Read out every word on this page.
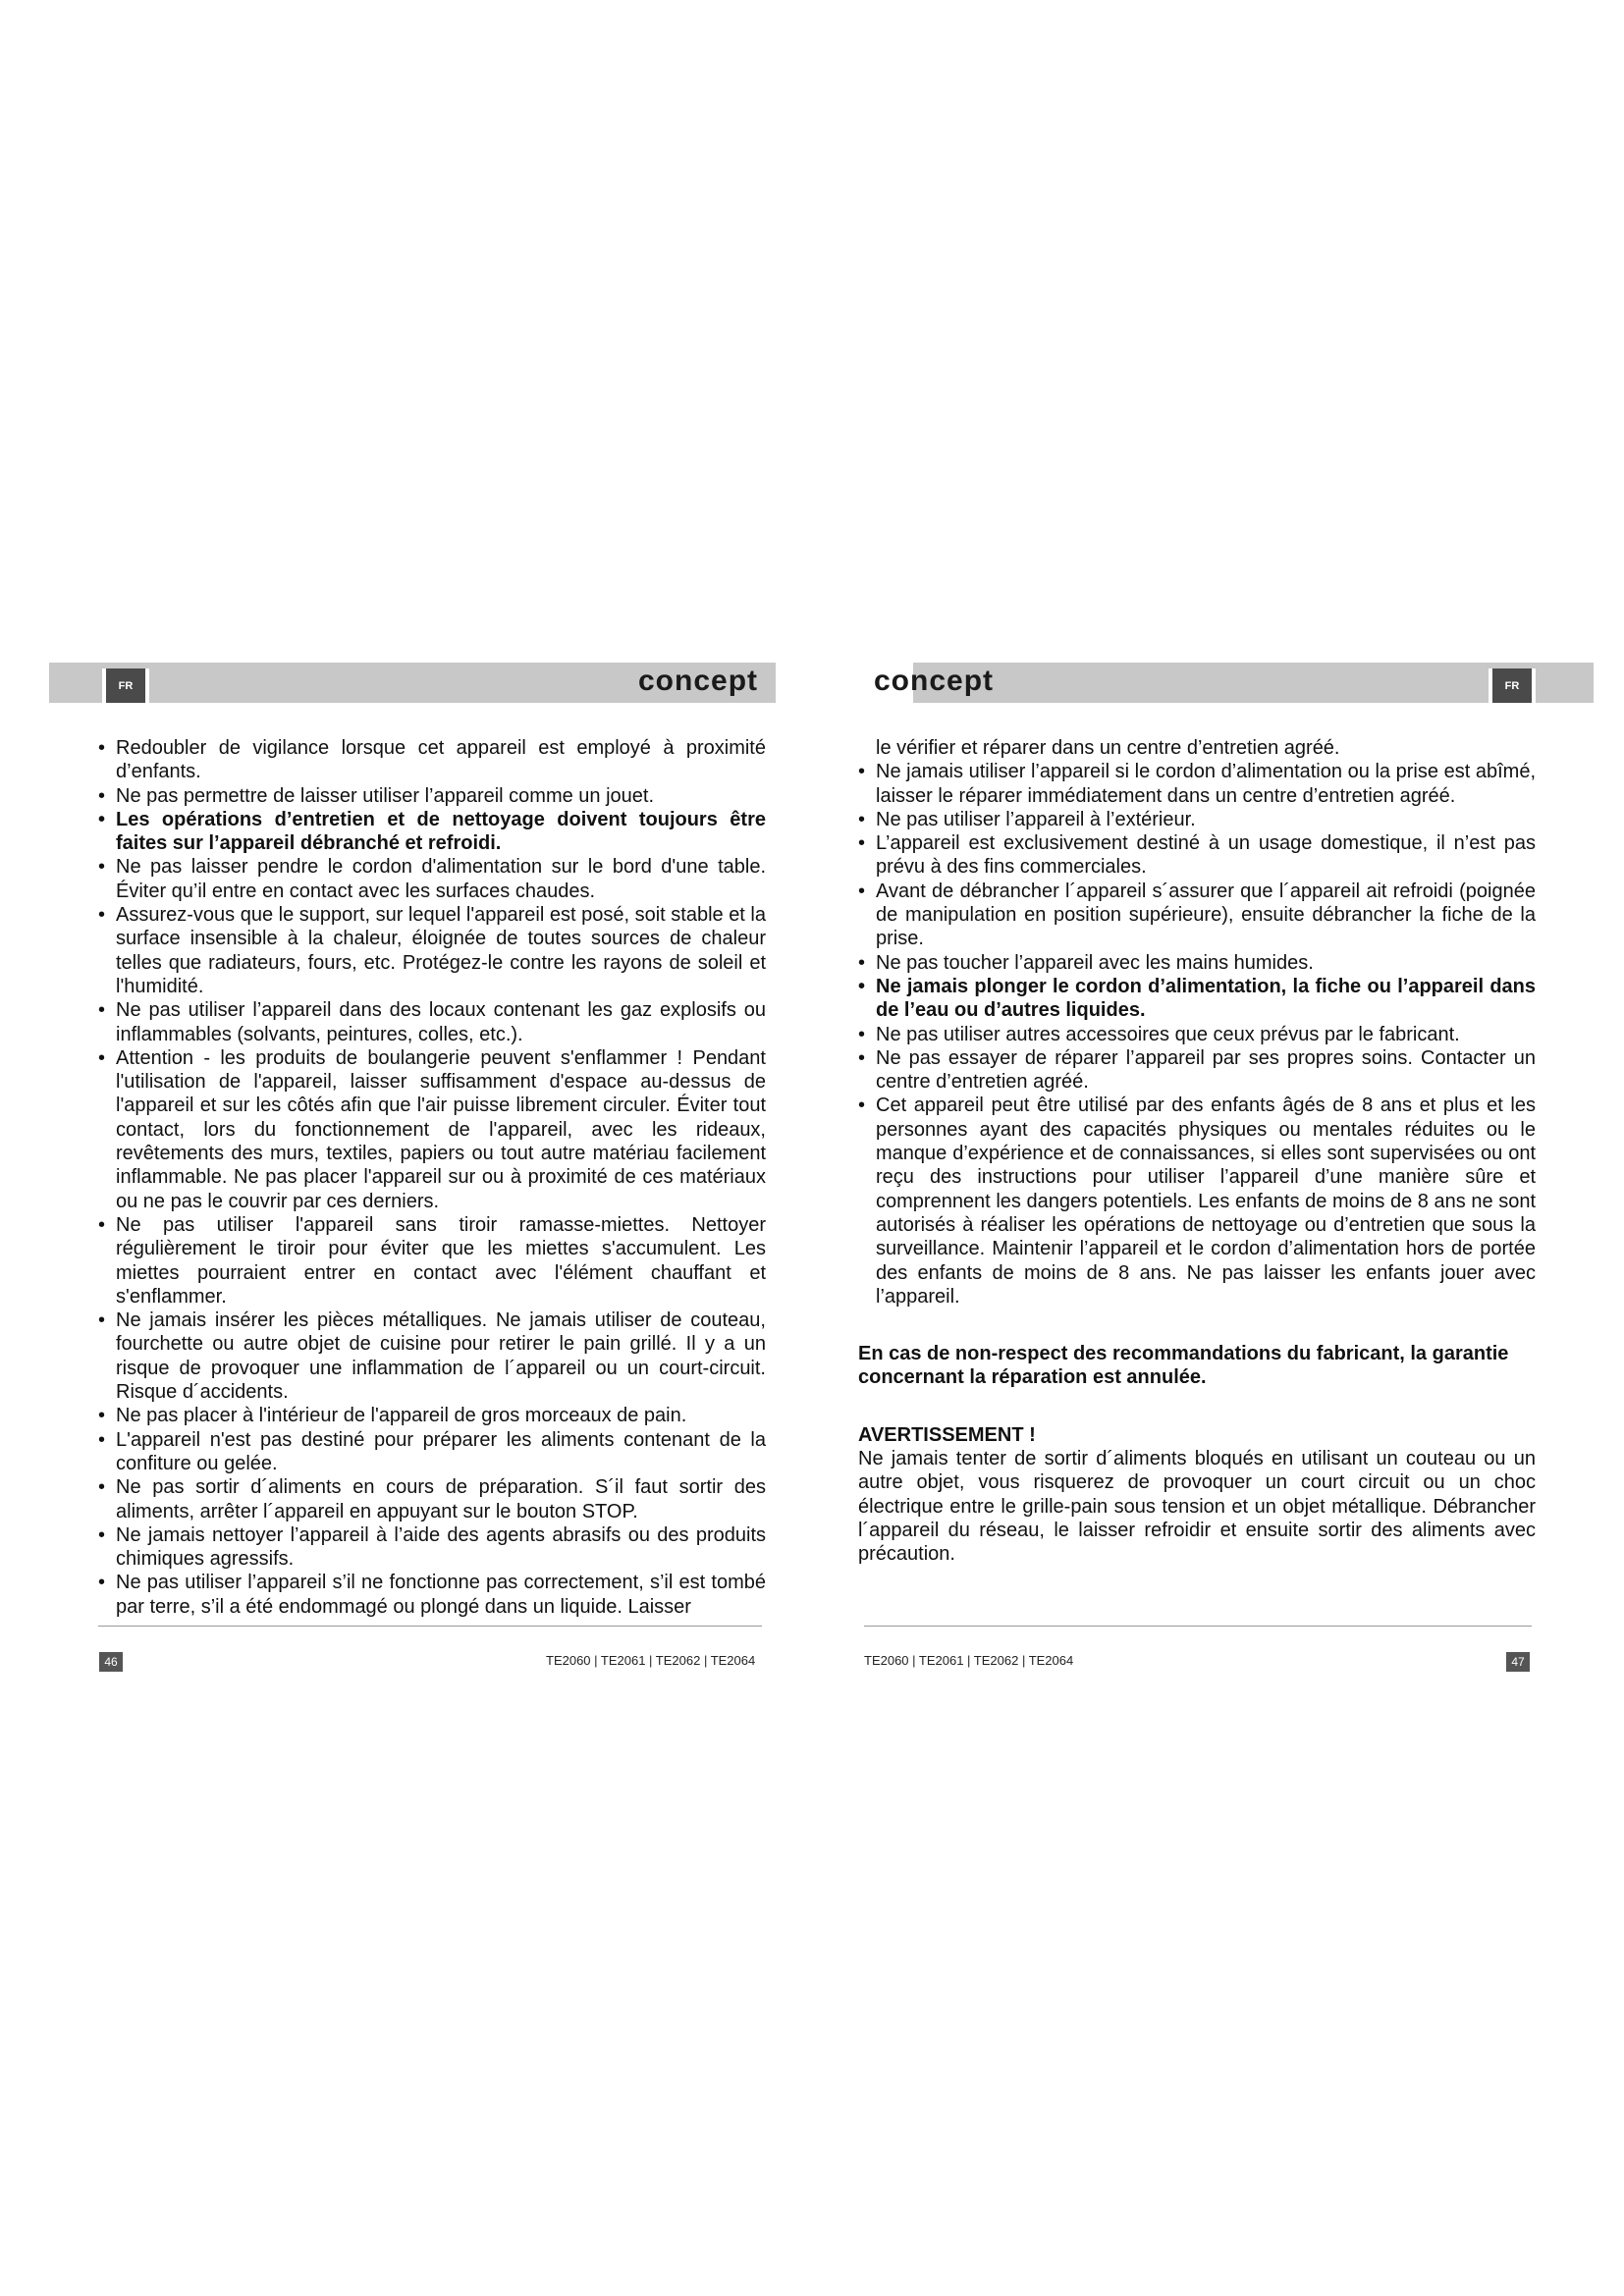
FR	concept	concept	FR
• Redoubler de vigilance lorsque cet appareil est employé à proximité d’enfants.
• Ne pas permettre de laisser utiliser l’appareil comme un jouet.
• Les opérations d’entretien et de nettoyage doivent toujours être faites sur l’appareil débranché et refroidi.
• Ne pas laisser pendre le cordon d'alimentation sur le bord d'une table. Éviter qu’il entre en contact avec les surfaces chaudes.
• Assurez-vous que le support, sur lequel l'appareil est posé, soit stable et la surface insensible à la chaleur, éloignée de toutes sources de chaleur telles que radiateurs, fours, etc. Protégez-le contre les rayons de soleil et l'humidité.
• Ne pas utiliser l’appareil dans des locaux contenant les gaz explosifs ou inflammables (solvants, peintures, colles, etc.).
• Attention - les produits de boulangerie peuvent s'enflammer ! Pendant l'utilisation de l'appareil, laisser suffisamment d'espace au-dessus de l'appareil et sur les côtés afin que l'air puisse librement circuler. Éviter tout contact, lors du fonctionnement de l'appareil, avec les rideaux, revêtements des murs, textiles, papiers ou tout autre matériau facilement inflammable. Ne pas placer l'appareil sur ou à proximité de ces matériaux ou ne pas le couvrir par ces derniers.
• Ne pas utiliser l'appareil sans tiroir ramasse-miettes. Nettoyer régulièrement le tiroir pour éviter que les miettes s'accumulent. Les miettes pourraient entrer en contact avec l'élément chauffant et s'enflammer.
• Ne jamais insérer les pièces métalliques. Ne jamais utiliser de couteau, fourchette ou autre objet de cuisine pour retirer le pain grillé. Il y a un risque de provoquer une inflammation de l´appareil ou un court-circuit. Risque d´accidents.
• Ne pas placer à l'intérieur de l'appareil de gros morceaux de pain.
• L'appareil n'est pas destiné pour préparer les aliments contenant de la confiture ou gelée.
• Ne pas sortir d´aliments en cours de préparation. S´il faut sortir des aliments, arrêter l´appareil en appuyant sur le bouton STOP.
• Ne jamais nettoyer l’appareil à l’aide des agents abrasifs ou des produits chimiques agressifs.
• Ne pas utiliser l’appareil s’il ne fonctionne pas correctement, s’il est tombé par terre, s’il a été endommagé ou plongé dans un liquide. Laisser
le vérifier et réparer dans un centre d’entretien agréé.
• Ne jamais utiliser l’appareil si le cordon d’alimentation ou la prise est abîmé, laisser le réparer immédiatement dans un centre d’entretien agréé.
• Ne pas utiliser l’appareil à l’extérieur.
• L’appareil est exclusivement destiné à un usage domestique, il n’est pas prévu à des fins commerciales.
• Avant de débrancher l´appareil s´assurer que l´appareil ait refroidi (poignée de manipulation en position supérieure), ensuite débrancher la fiche de la prise.
• Ne pas toucher l’appareil avec les mains humides.
• Ne jamais plonger le cordon d’alimentation, la fiche ou l’appareil dans de l’eau ou d’autres liquides.
• Ne pas utiliser autres accessoires que ceux prévus par le fabricant.
• Ne pas essayer de réparer l’appareil par ses propres soins. Contacter un centre d’entretien agréé.
• Cet appareil peut être utilisé par des enfants âgés de 8 ans et plus et les personnes ayant des capacités physiques ou mentales réduites ou le manque d’expérience et de connaissances, si elles sont supervisées ou ont reçu des instructions pour utiliser l’appareil d’une manière sûre et comprennent les dangers potentiels. Les enfants de moins de 8 ans ne sont autorisés à réaliser les opérations de nettoyage ou d’entretien que sous la surveillance. Maintenir l’appareil et le cordon d’alimentation hors de portée des enfants de moins de 8 ans. Ne pas laisser les enfants jouer avec l’appareil.
En cas de non-respect des recommandations du fabricant, la garantie concernant la réparation est annulée.
AVERTISSEMENT !
Ne jamais tenter de sortir d´aliments bloqués en utilisant un couteau ou un autre objet, vous risquerez de provoquer un court circuit ou un choc électrique entre le grille-pain sous tension et un objet métallique. Débrancher l´appareil du réseau, le laisser refroidir et ensuite sortir des aliments avec précaution.
46	TE2060 | TE2061 | TE2062 | TE2064	TE2060 | TE2061 | TE2062 | TE2064	47
